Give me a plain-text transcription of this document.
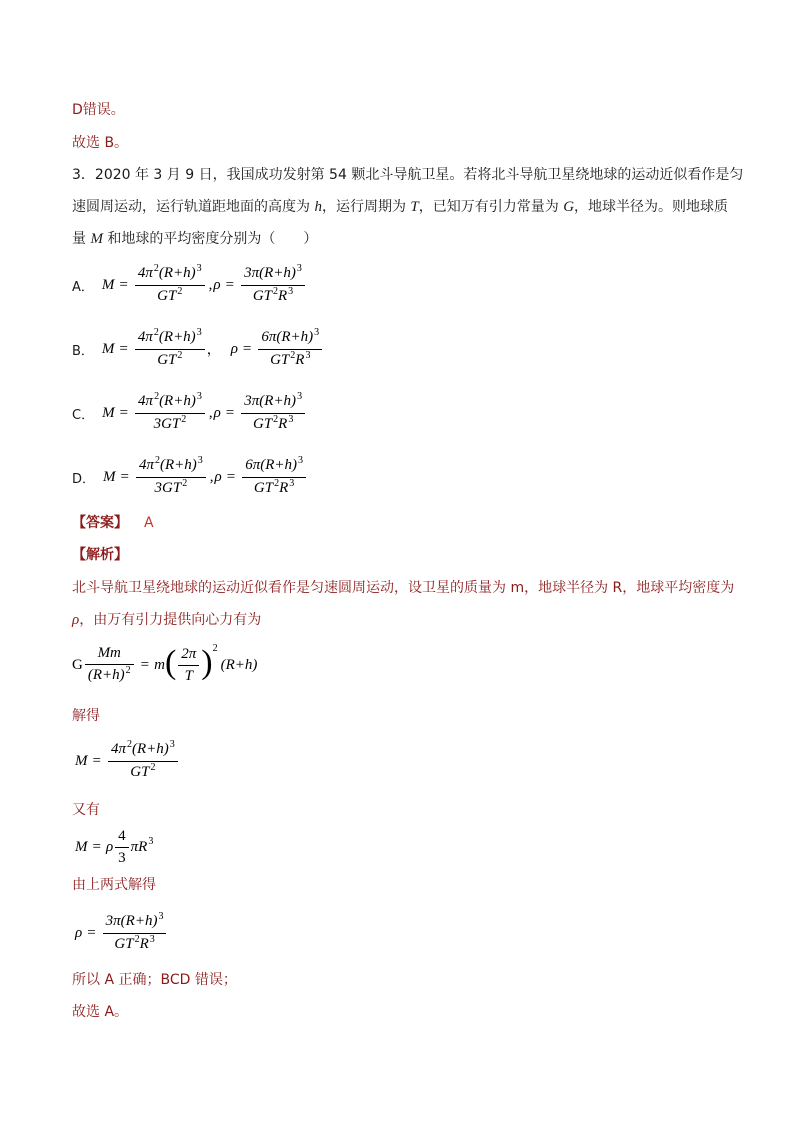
D错误。
故选 B。
3．2020 年 3 月 9 日，我国成功发射第 54 颗北斗导航卫星。若将北斗导航卫星绕地球的运动近似看作是匀
速圆周运动，运行轨道距地面的高度为 h，运行周期为 T，已知万有引力常量为 G，地球半径为。则地球质
量 M 和地球的平均密度分别为（　　）
A． $M = \frac{4\pi 2 (R+h) 3}{GT 2}$ , $\rho = \frac{3\pi(R+h) 3}{GT 2 R 3}$
B． $M = \frac{4\pi 2 (R+h) 3}{GT 2}$ ， $\rho = \frac{6\pi(R+h) 3}{GT 2 R 3}$
C． $M = \frac{4\pi 2 (R+h) 3}{3GT 2}$ , $\rho = \frac{3\pi(R+h) 3}{GT 2 R 3}$
D． $M = \frac{4\pi 2 (R+h) 3}{3GT 2}$ , $\rho = \frac{6\pi(R+h) 3}{GT 2 R 3}$
【答案】 A
【解析】
北斗导航卫星绕地球的运动近似看作是匀速圆周运动，设卫星的质量为 m，地球半径为 R，地球平均密度为
ρ，由万有引力提供向心力有为
G $\frac{Mm}{(R+h) 2} = m$ ( $\frac{2\pi}{T}$ ) 2
(R+h)
解得
$M = \frac{4\pi 2 (R+h) 3}{GT 2}$
又有
M = ρ $\frac{4}{3}$ πR 3
由上两式解得
$\rho = \frac{3\pi(R+h) 3}{GT 2 R 3}$
所以 A 正确；BCD 错误；
故选 A。
